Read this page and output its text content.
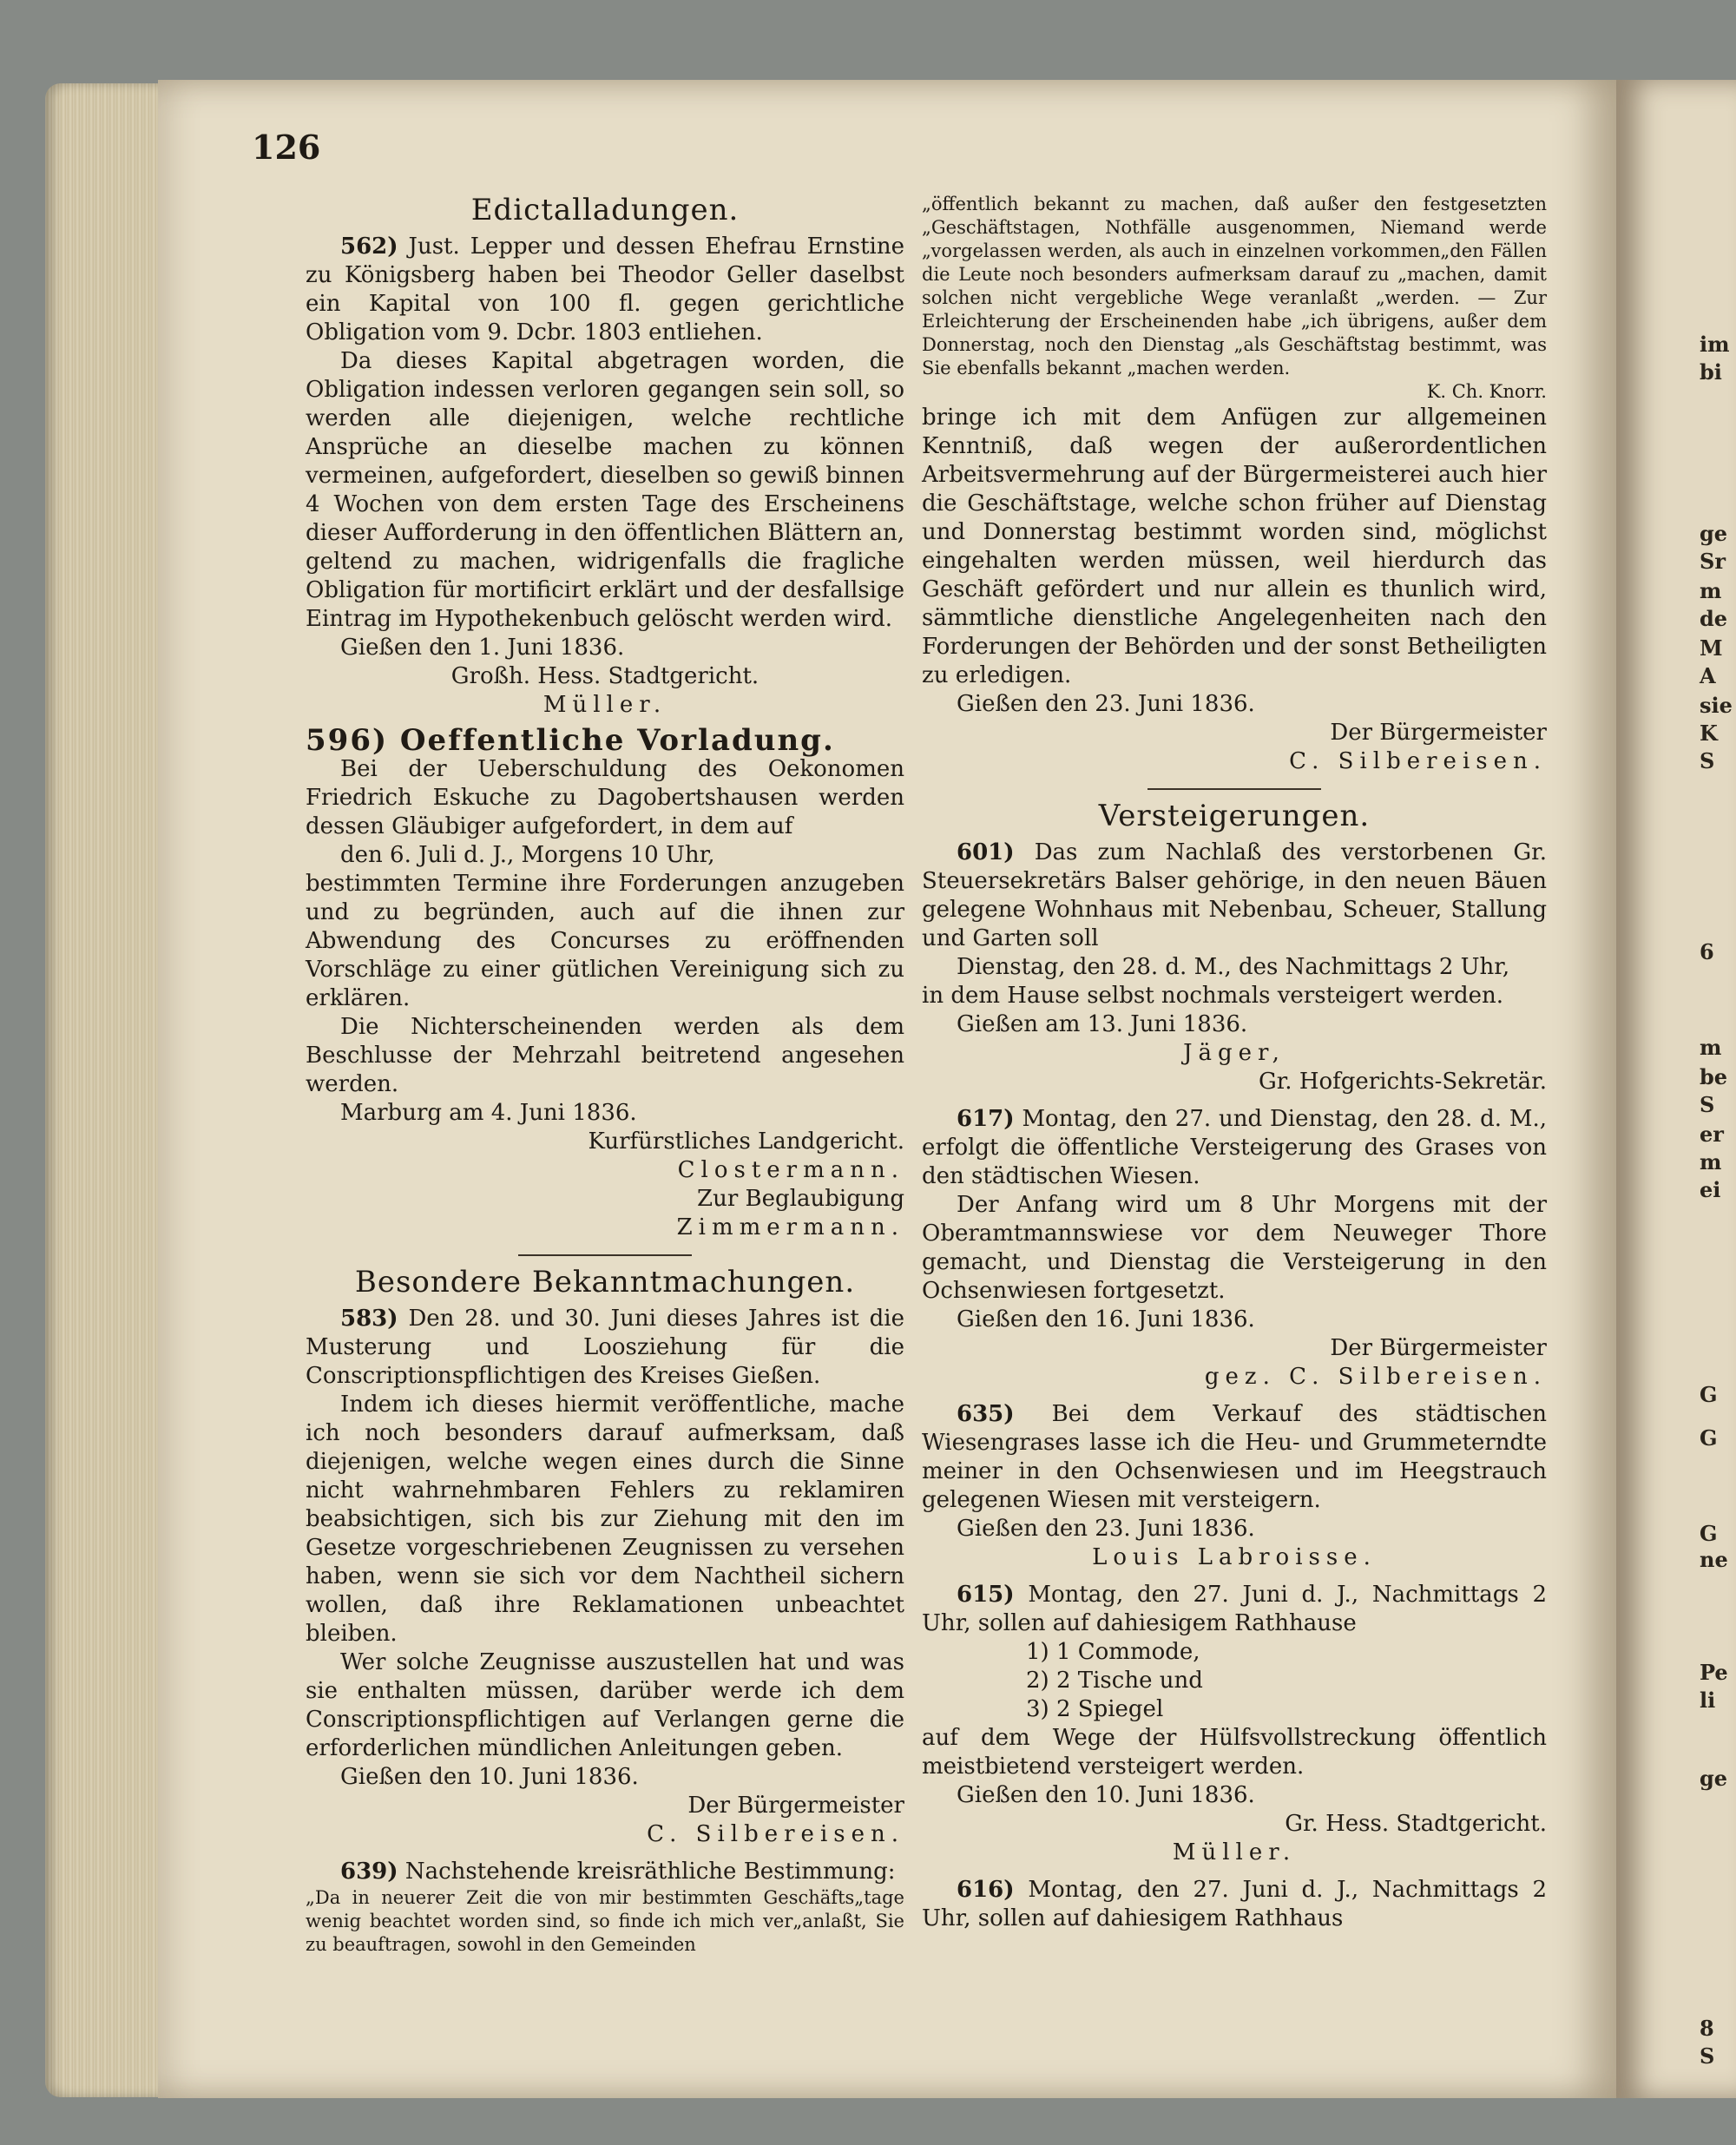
126
Edictalladungen.

562) Just. Lepper und dessen Ehefrau Ernstine zu Königsberg haben bei Theodor Geller daselbst ein Kapital von 100 fl. gegen gerichtliche Obligation vom 9. Dcbr. 1803 entliehen.

Da dieses Kapital abgetragen worden, die Obligation indessen verloren gegangen sein soll, so werden alle diejenigen, welche rechtliche Ansprüche an dieselbe machen zu können vermeinen, aufgefordert, dieselben so gewiß binnen 4 Wochen von dem ersten Tage des Erscheinens dieser Aufforderung in den öffentlichen Blättern an, geltend zu machen, widrigenfalls die fragliche Obligation für mortificirt erklärt und der desfallsige Eintrag im Hypothekenbuch gelöscht werden wird.

Gießen den 1. Juni 1836.

Großh. Hess. Stadtgericht.

Müller.

596) Oeffentliche Vorladung.

Bei der Ueberschuldung des Oekonomen Friedrich Eskuche zu Dagobertshausen werden dessen Gläubiger aufgefordert, in dem auf

den 6. Juli d. J., Morgens 10 Uhr,

bestimmten Termine ihre Forderungen anzugeben und zu begründen, auch auf die ihnen zur Abwendung des Concurses zu eröffnenden Vorschläge zu einer gütlichen Vereinigung sich zu erklären.

Die Nichterscheinenden werden als dem Beschlusse der Mehrzahl beitretend angesehen werden.

Marburg am 4. Juni 1836.

Kurfürstliches Landgericht.

Clostermann.

Zur Beglaubigung

Zimmermann.

Besondere Bekanntmachungen.

583) Den 28. und 30. Juni dieses Jahres ist die Musterung und Loosziehung für die Conscriptionspflichtigen des Kreises Gießen.

Indem ich dieses hiermit veröffentliche, mache ich noch besonders darauf aufmerksam, daß diejenigen, welche wegen eines durch die Sinne nicht wahrnehmbaren Fehlers zu reklamiren beabsichtigen, sich bis zur Ziehung mit den im Gesetze vorgeschriebenen Zeugnissen zu versehen haben, wenn sie sich vor dem Nachtheil sichern wollen, daß ihre Reklamationen unbeachtet bleiben.

Wer solche Zeugnisse auszustellen hat und was sie enthalten müssen, darüber werde ich dem Conscriptionspflichtigen auf Verlangen gerne die erforderlichen mündlichen Anleitungen geben.

Gießen den 10. Juni 1836.

Der Bürgermeister

C. Silbereisen.

639) Nachstehende kreisräthliche Bestimmung:

„Da in neuerer Zeit die von mir bestimmten Geschäfts„tage wenig beachtet worden sind, so finde ich mich ver„anlaßt, Sie zu beauftragen, sowohl in den Gemeinden

„öffentlich bekannt zu machen, daß außer den festgesetzten „Geschäftstagen, Nothfälle ausgenommen, Niemand werde „vorgelassen werden, als auch in einzelnen vorkommen„den Fällen die Leute noch besonders aufmerksam darauf zu „machen, damit solchen nicht vergebliche Wege veranlaßt „werden. — Zur Erleichterung der Erscheinenden habe „ich übrigens, außer dem Donnerstag, noch den Dienstag „als Geschäftstag bestimmt, was Sie ebenfalls bekannt „machen werden.

K. Ch. Knorr.

bringe ich mit dem Anfügen zur allgemeinen Kenntniß, daß wegen der außerordentlichen Arbeitsvermehrung auf der Bürgermeisterei auch hier die Geschäftstage, welche schon früher auf Dienstag und Donnerstag bestimmt worden sind, möglichst eingehalten werden müssen, weil hierdurch das Geschäft gefördert und nur allein es thunlich wird, sämmtliche dienstliche Angelegenheiten nach den Forderungen der Behörden und der sonst Betheiligten zu erledigen.

Gießen den 23. Juni 1836.

Der Bürgermeister

C. Silbereisen.

Versteigerungen.

601) Das zum Nachlaß des verstorbenen Gr. Steuersekretärs Balser gehörige, in den neuen Bäuen gelegene Wohnhaus mit Nebenbau, Scheuer, Stallung und Garten soll

Dienstag, den 28. d. M., des Nachmittags 2 Uhr,

in dem Hause selbst nochmals versteigert werden.

Gießen am 13. Juni 1836.

Jäger,

Gr. Hofgerichts-Sekretär.

617) Montag, den 27. und Dienstag, den 28. d. M., erfolgt die öffentliche Versteigerung des Grases von den städtischen Wiesen.

Der Anfang wird um 8 Uhr Morgens mit der Oberamtmannswiese vor dem Neuweger Thore gemacht, und Dienstag die Versteigerung in den Ochsenwiesen fortgesetzt.

Gießen den 16. Juni 1836.

Der Bürgermeister

gez. C. Silbereisen.

635) Bei dem Verkauf des städtischen Wiesengrases lasse ich die Heu- und Grummeterndte meiner in den Ochsenwiesen und im Heegstrauch gelegenen Wiesen mit versteigern.

Gießen den 23. Juni 1836.

Louis Labroisse.

615) Montag, den 27. Juni d. J., Nachmittags 2 Uhr, sollen auf dahiesigem Rathhause

1) 1 Commode,

2) 2 Tische und

3) 2 Spiegel

auf dem Wege der Hülfsvollstreckung öffentlich meistbietend versteigert werden.

Gießen den 10. Juni 1836.

Gr. Hess. Stadtgericht.

Müller.

616) Montag, den 27. Juni d. J., Nachmittags 2 Uhr, sollen auf dahiesigem Rathhaus

im
bi
ge
Sr
m
de
M
A
sie
K
S
6
m
be
S
er
m
ei
G
G
G
ne
Pe
li
ge
8
S
